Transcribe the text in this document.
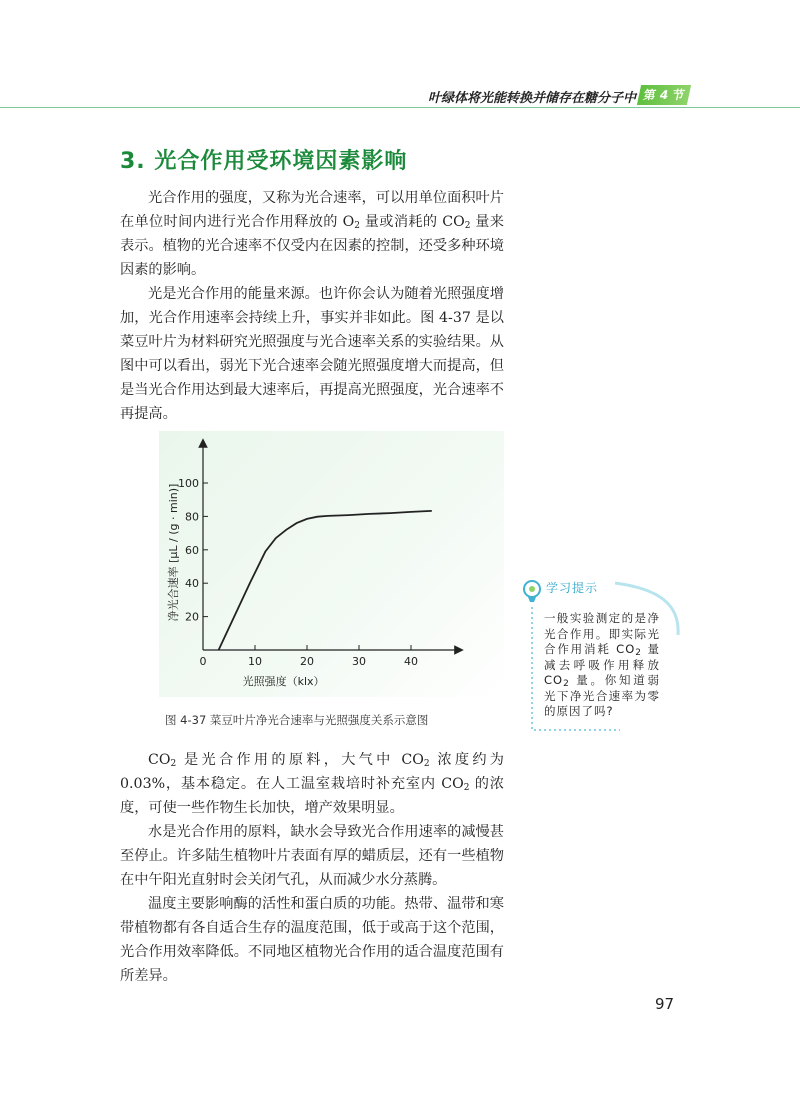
叶绿体将光能转换并储存在糖分子中 第 4 节
3. 光合作用受环境因素影响

光合作用的强度，又称为光合速率，可以用单位面积叶片在单位时间内进行光合作用释放的 $O_2$ 量或消耗的 $CO_2$ 量来表示。植物的光合速率不仅受内在因素的控制，还受多种环境因素的影响。

光是光合作用的能量来源。也许你会认为随着光照强度增加，光合作用速率会持续上升，事实并非如此。图 4-37 是以菜豆叶片为材料研究光照强度与光合速率关系的实验结果。从图中可以看出，弱光下光合速率会随光照强度增大而提高，但是当光合作用达到最大速率后，再提高光照强度，光合速率不再提高。

0	10	20	30	40
20
40
60
80
100
光照强度（klx）
净光合速率 [μL / (g · min)]
图 4-37 菜豆叶片净光合速率与光照强度关系示意图
学习提示

一般实验测定的是净光合作用。即实际光合作用消耗 $CO_2$ 量减去呼吸作用释放 $CO_2$ 量。你知道弱光下净光合速率为零的原因了吗?

$CO_2$ 是光合作用的原料，大气中 $CO_2$ 浓度约为 0.03%，基本稳定。在人工温室栽培时补充室内 $CO_2$ 的浓度，可使一些作物生长加快，增产效果明显。

水是光合作用的原料，缺水会导致光合作用速率的减慢甚至停止。许多陆生植物叶片表面有厚的蜡质层，还有一些植物在中午阳光直射时会关闭气孔，从而减少水分蒸腾。

温度主要影响酶的活性和蛋白质的功能。热带、温带和寒带植物都有各自适合生存的温度范围，低于或高于这个范围，光合作用效率降低。不同地区植物光合作用的适合温度范围有所差异。

97
